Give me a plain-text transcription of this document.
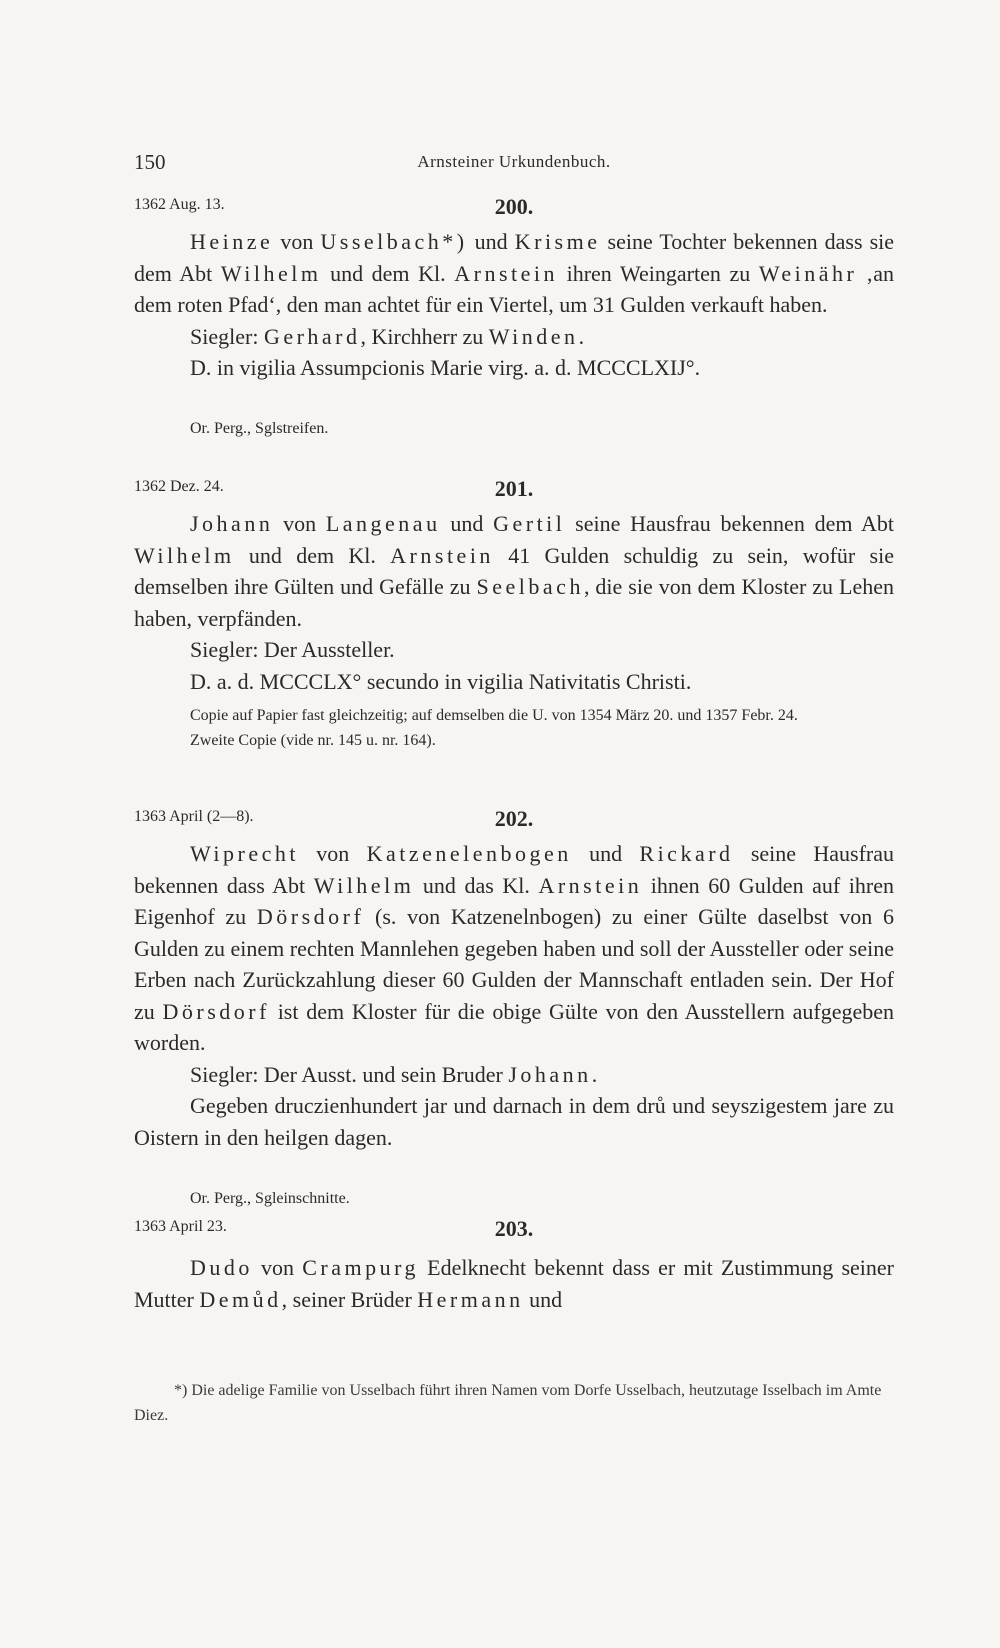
150	Arnsteiner Urkundenbuch.
1362 Aug. 13.	200.

Heinze von Usselbach*) und Krisme seine Tochter bekennen dass sie dem Abt Wilhelm und dem Kl. Arnstein ihren Weingarten zu Weinähr ‚an dem roten Pfad‘, den man achtet für ein Viertel, um 31 Gulden verkauft haben.

Siegler: Gerhard, Kirchherr zu Winden.

D. in vigilia Assumpcionis Marie virg. a. d. MCCCLXIJ°.

Or. Perg., Sglstreifen.

1362 Dez. 24.	201.

Johann von Langenau und Gertil seine Hausfrau bekennen dem Abt Wilhelm und dem Kl. Arnstein 41 Gulden schuldig zu sein, wofür sie demselben ihre Gülten und Gefälle zu Seelbach, die sie von dem Kloster zu Lehen haben, verpfänden.

Siegler: Der Aussteller.

D. a. d. MCCCLX° secundo in vigilia Nativitatis Christi.

Copie auf Papier fast gleichzeitig; auf demselben die U. von 1354 März 20. und 1357 Febr. 24.

Zweite Copie (vide nr. 145 u. nr. 164).

1363 April (2—8).	202.

Wiprecht von Katzenelenbogen und Rickard seine Hausfrau bekennen dass Abt Wilhelm und das Kl. Arnstein ihnen 60 Gulden auf ihren Eigenhof zu Dörsdorf (s. von Katzenelnbogen) zu einer Gülte daselbst von 6 Gulden zu einem rechten Mannlehen gegeben haben und soll der Aussteller oder seine Erben nach Zurückzahlung dieser 60 Gulden der Mannschaft entladen sein. Der Hof zu Dörsdorf ist dem Kloster für die obige Gülte von den Ausstellern aufgegeben worden.

Siegler: Der Ausst. und sein Bruder Johann.

Gegeben druczienhundert jar und darnach in dem drů und seyszigestem jare zu Oistern in den heilgen dagen.

Or. Perg., Sgleinschnitte.

1363 April 23.	203.

Dudo von Crampurg Edelknecht bekennt dass er mit Zustimmung seiner Mutter Demůd, seiner Brüder Hermann und

*) Die adelige Familie von Usselbach führt ihren Namen vom Dorfe Usselbach, heutzutage Isselbach im Amte Diez.
